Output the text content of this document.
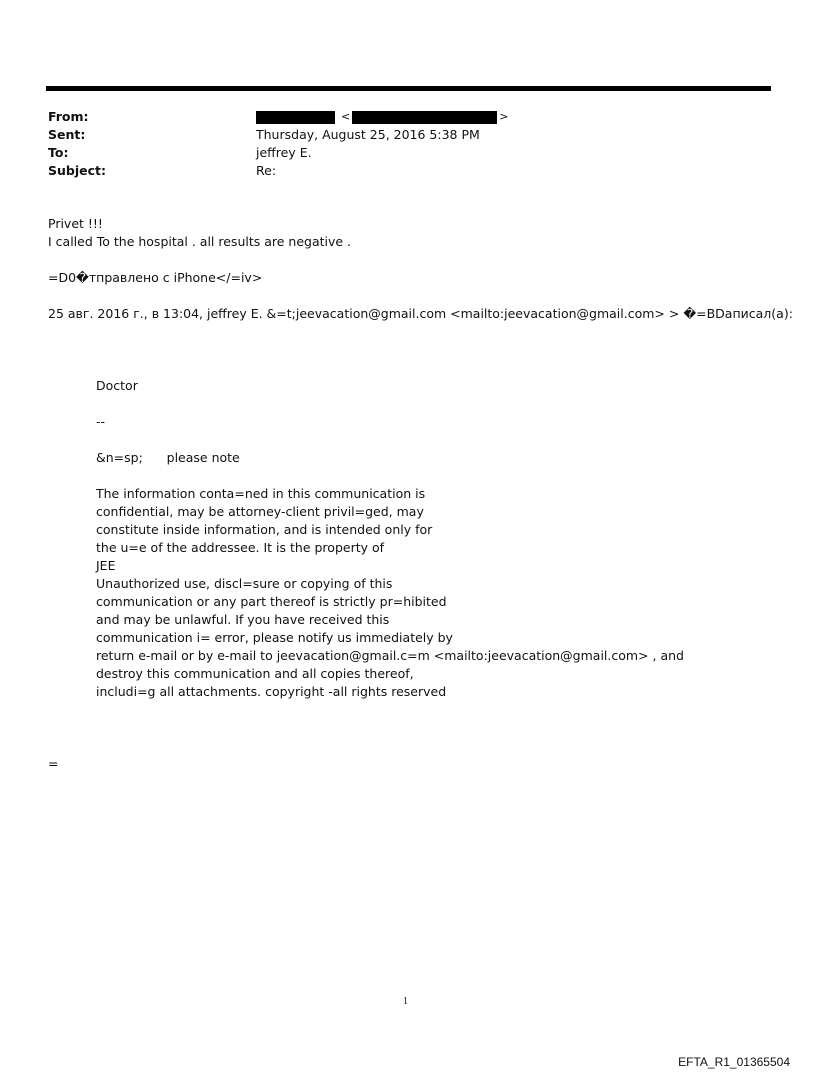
From:	<	>
Sent:	Thursday, August 25, 2016 5:38 PM
To:	jeffrey E.
Subject:	Re:
Privet !!!
I called To the hospital . all results are negative .
=D0�тправлено с iPhone</=iv>
25 авг. 2016 г., в 13:04, jeffrey E. &=t;jeevacation@gmail.com <mailto:jeevacation@gmail.com> > �=BDаписал(а):
Doctor
--
&n=sp;      please note
The information conta=ned in this communication is
confidential, may be attorney-client privil=ged, may
constitute inside information, and is intended only for
the u=e of the addressee. It is the property of
JEE
Unauthorized use, discl=sure or copying of this
communication or any part thereof is strictly pr=hibited
and may be unlawful. If you have received this
communication i= error, please notify us immediately by
return e-mail or by e-mail to jeevacation@gmail.c=m <mailto:jeevacation@gmail.com> , and
destroy this communication and all copies thereof,
includi=g all attachments. copyright -all rights reserved
=
1
EFTA_R1_01365504
